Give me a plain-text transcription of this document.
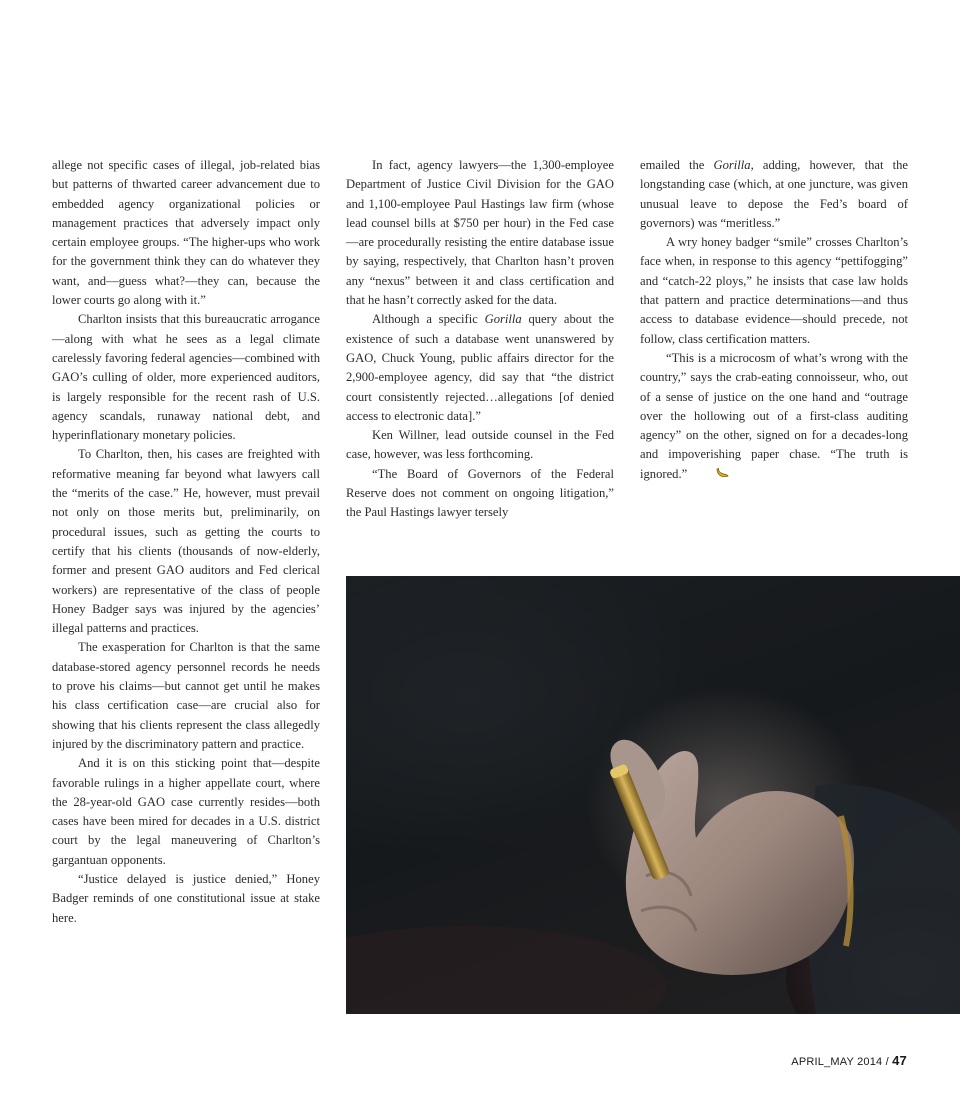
allege not specific cases of illegal, job-related bias but patterns of thwarted career advancement due to embedded agency organizational policies or management practices that adversely impact only certain employee groups. “The higher-ups who work for the government think they can do whatever they want, and—guess what?—they can, because the lower courts go along with it.”

Charlton insists that this bureaucratic arrogance—along with what he sees as a legal climate carelessly favoring federal agencies—combined with GAO’s culling of older, more experienced auditors, is largely responsible for the recent rash of U.S. agency scandals, runaway national debt, and hyperinflationary monetary policies.

To Charlton, then, his cases are freighted with reformative meaning far beyond what lawyers call the “merits of the case.” He, however, must prevail not only on those merits but, preliminarily, on procedural issues, such as getting the courts to certify that his clients (thousands of now-elderly, former and present GAO auditors and Fed clerical workers) are representative of the class of people Honey Badger says was injured by the agencies’ illegal patterns and practices.

The exasperation for Charlton is that the same database-stored agency personnel records he needs to prove his claims—but cannot get until he makes his class certification case—are crucial also for showing that his clients represent the class allegedly injured by the discriminatory pattern and practice.

And it is on this sticking point that—despite favorable rulings in a higher appellate court, where the 28-year-old GAO case currently resides—both cases have been mired for decades in a U.S. district court by the legal maneuvering of Charlton’s gargantuan opponents.

“Justice delayed is justice denied,” Honey Badger reminds of one constitutional issue at stake here.

In fact, agency lawyers—the 1,300-employee Department of Justice Civil Division for the GAO and 1,100-employee Paul Hastings law firm (whose lead counsel bills at $750 per hour) in the Fed case—are procedurally resisting the entire database issue by saying, respectively, that Charlton hasn’t proven any “nexus” between it and class certification and that he hasn’t correctly asked for the data.

Although a specific Gorilla query about the existence of such a database went unanswered by GAO, Chuck Young, public affairs director for the 2,900-employee agency, did say that “the district court consistently rejected…allegations [of denied access to electronic data].”

Ken Willner, lead outside counsel in the Fed case, however, was less forthcoming.

“The Board of Governors of the Federal Reserve does not comment on ongoing litigation,” the Paul Hastings lawyer tersely

emailed the Gorilla, adding, however, that the longstanding case (which, at one juncture, was given unusual leave to depose the Fed’s board of governors) was “meritless.”

A wry honey badger “smile” crosses Charlton’s face when, in response to this agency “pettifogging” and “catch-22 ploys,” he insists that case law holds that pattern and practice determinations—and thus access to database evidence—should precede, not follow, class certification matters.

“This is a microcosm of what’s wrong with the country,” says the crab-eating connoisseur, who, out of a sense of justice on the one hand and “outrage over the hollowing out of a first-class auditing agency” on the other, signed on for a decades-long and impoverishing paper chase. “The truth is ignored.”

APRIL_MAY 2014 / 47
